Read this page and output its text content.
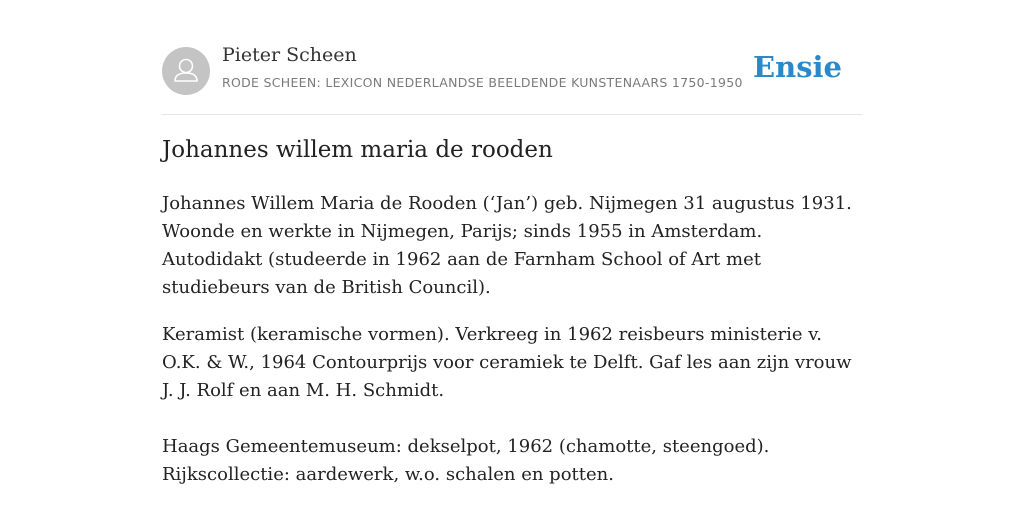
Pieter Scheen
RODE SCHEEN: LEXICON NEDERLANDSE BEELDENDE KUNSTENAARS 1750-1950 Ensie
Johannes willem maria de rooden

Johannes Willem Maria de Rooden (‘Jan’) geb. Nijmegen 31 augustus 1931. Woonde en werkte in Nijmegen, Parijs; sinds 1955 in Amsterdam. Autodidakt (studeerde in 1962 aan de Farnham School of Art met studiebeurs van de British Council).

Keramist (keramische vormen). Verkreeg in 1962 reisbeurs ministerie v. O.K. & W., 1964 Contourprijs voor ceramiek te Delft. Gaf les aan zijn vrouw J. J. Rolf en aan M. H. Schmidt.

Haags Gemeentemuseum: dekselpot, 1962 (chamotte, steengoed). Rijkscollectie: aardewerk, w.o. schalen en potten.
